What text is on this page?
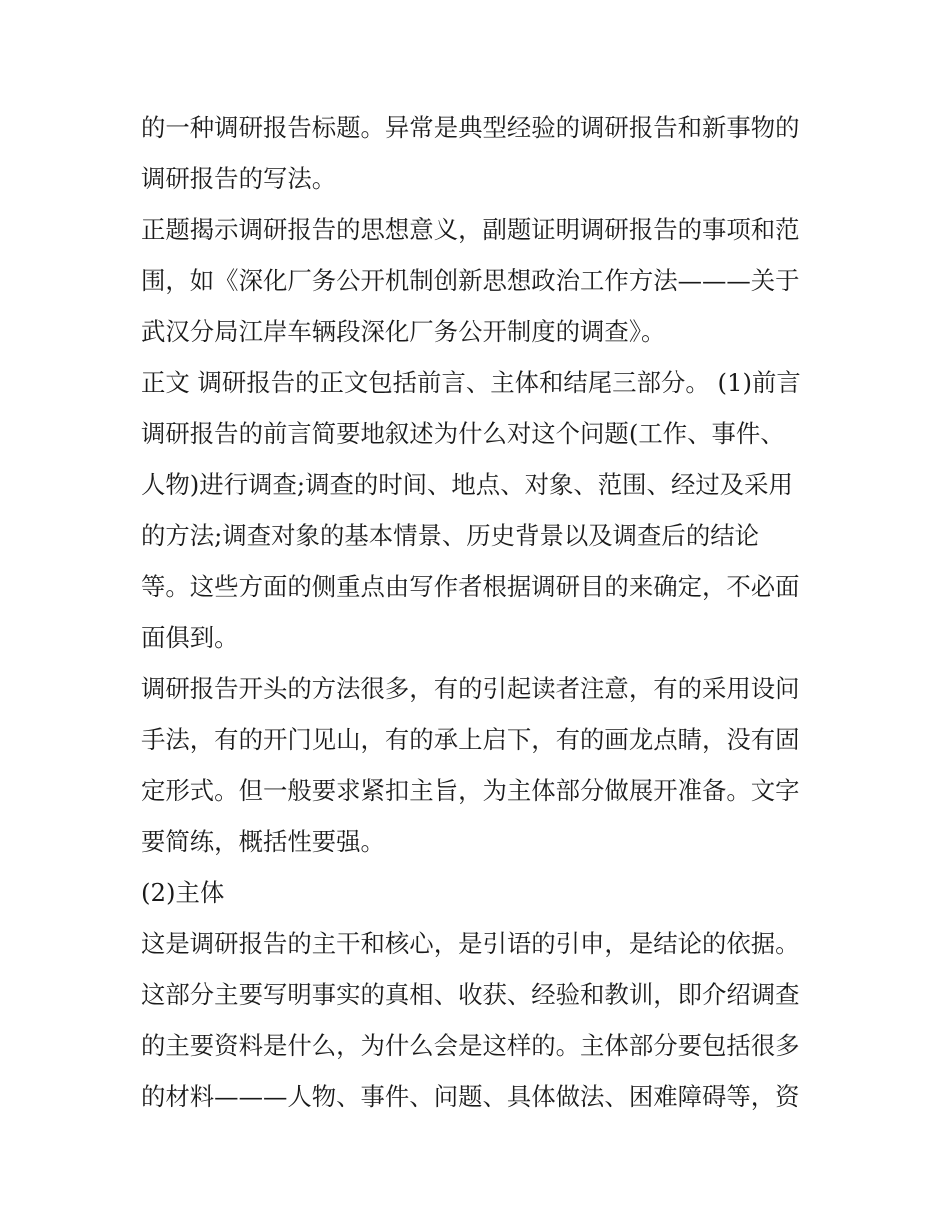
的一种调研报告标题。异常是典型经验的调研报告和新事物的
调研报告的写法。
正题揭示调研报告的思想意义，副题证明调研报告的事项和范
围，如《深化厂务公开机制创新思想政治工作方法———关于
武汉分局江岸车辆段深化厂务公开制度的调查》。
正文 调研报告的正文包括前言、主体和结尾三部分。 (1)前言
调研报告的前言简要地叙述为什么对这个问题(工作、事件、
人物)进行调查;调查的时间、地点、对象、范围、经过及采用
的方法;调查对象的基本情景、历史背景以及调查后的结论
等。这些方面的侧重点由写作者根据调研目的来确定，不必面
面俱到。
调研报告开头的方法很多，有的引起读者注意，有的采用设问
手法，有的开门见山，有的承上启下，有的画龙点睛，没有固
定形式。但一般要求紧扣主旨，为主体部分做展开准备。文字
要简练，概括性要强。
(2)主体
这是调研报告的主干和核心，是引语的引申，是结论的依据。
这部分主要写明事实的真相、收获、经验和教训，即介绍调查
的主要资料是什么，为什么会是这样的。主体部分要包括很多
的材料———人物、事件、问题、具体做法、困难障碍等，资
